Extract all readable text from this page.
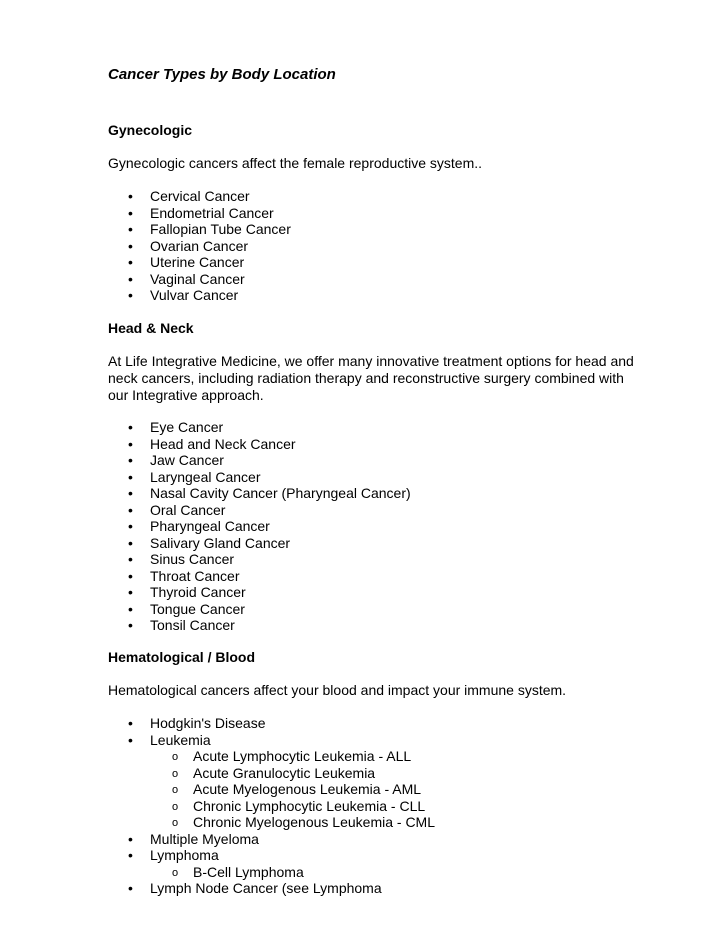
Cancer Types by Body Location
Gynecologic

Gynecologic cancers affect the female reproductive system..

• Cervical Cancer
• Endometrial Cancer
• Fallopian Tube Cancer
• Ovarian Cancer
• Uterine Cancer
• Vaginal Cancer
• Vulvar Cancer
Head & Neck

At Life Integrative Medicine, we offer many innovative treatment options for head and neck cancers, including radiation therapy and reconstructive surgery combined with our Integrative approach.

• Eye Cancer
• Head and Neck Cancer
• Jaw Cancer
• Laryngeal Cancer
• Nasal Cavity Cancer (Pharyngeal Cancer)
• Oral Cancer
• Pharyngeal Cancer
• Salivary Gland Cancer
• Sinus Cancer
• Throat Cancer
• Thyroid Cancer
• Tongue Cancer
• Tonsil Cancer
Hematological / Blood

Hematological cancers affect your blood and impact your immune system.

• Hodgkin's Disease
• Leukemia
o Acute Lymphocytic Leukemia - ALL
o Acute Granulocytic Leukemia
o Acute Myelogenous Leukemia - AML
o Chronic Lymphocytic Leukemia - CLL
o Chronic Myelogenous Leukemia - CML
• Multiple Myeloma
• Lymphoma
o B-Cell Lymphoma
• Lymph Node Cancer (see Lymphoma
